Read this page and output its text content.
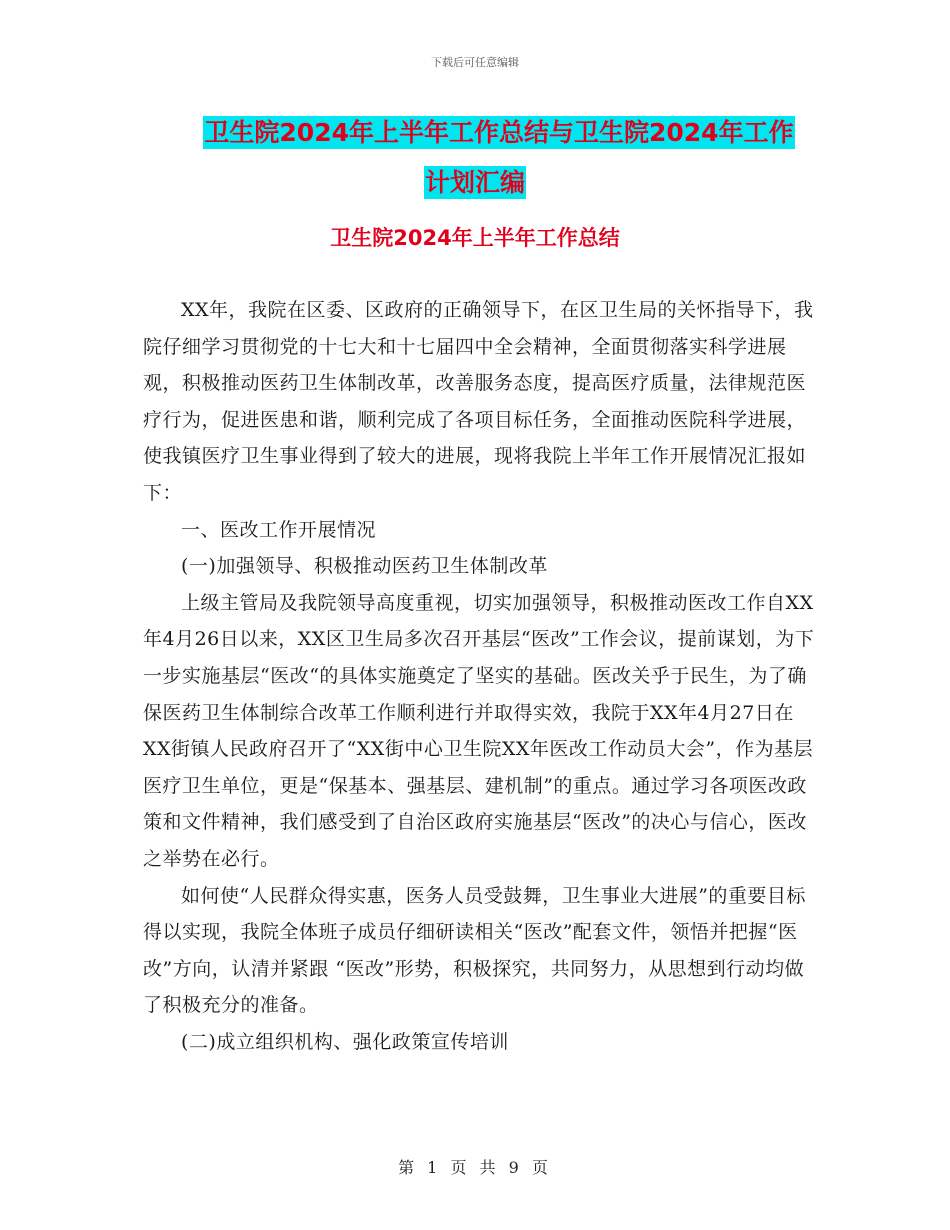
下载后可任意编辑
卫生院2024年上半年工作总结与卫生院2024年工作
计划汇编
卫生院2024年上半年工作总结

XX年，我院在区委、区政府的正确领导下，在区卫生局的关怀指导下，我院仔细学习贯彻党的十七大和十七届四中全会精神，全面贯彻落实科学进展观，积极推动医药卫生体制改革，改善服务态度，提高医疗质量，法律规范医疗行为，促进医患和谐，顺利完成了各项目标任务，全面推动医院科学进展，使我镇医疗卫生事业得到了较大的进展，现将我院上半年工作开展情况汇报如下：

一、医改工作开展情况

(一)加强领导、积极推动医药卫生体制改革

上级主管局及我院领导高度重视，切实加强领导，积极推动医改工作自XX年4月26日以来，XX区卫生局多次召开基层“医改”工作会议，提前谋划，为下一步实施基层“医改“的具体实施奠定了坚实的基础。医改关乎于民生，为了确保医药卫生体制综合改革工作顺利进行并取得实效，我院于XX年4月27日在XX街镇人民政府召开了“XX街中心卫生院XX年医改工作动员大会”，作为基层医疗卫生单位，更是“保基本、强基层、建机制”的重点。通过学习各项医改政策和文件精神，我们感受到了自治区政府实施基层“医改”的决心与信心，医改之举势在必行。

如何使“人民群众得实惠，医务人员受鼓舞，卫生事业大进展”的重要目标得以实现，我院全体班子成员仔细研读相关“医改”配套文件，领悟并把握“医改”方向，认清并紧跟 “医改”形势，积极探究，共同努力，从思想到行动均做了积极充分的准备。

(二)成立组织机构、强化政策宣传培训

第 1 页 共 9 页
